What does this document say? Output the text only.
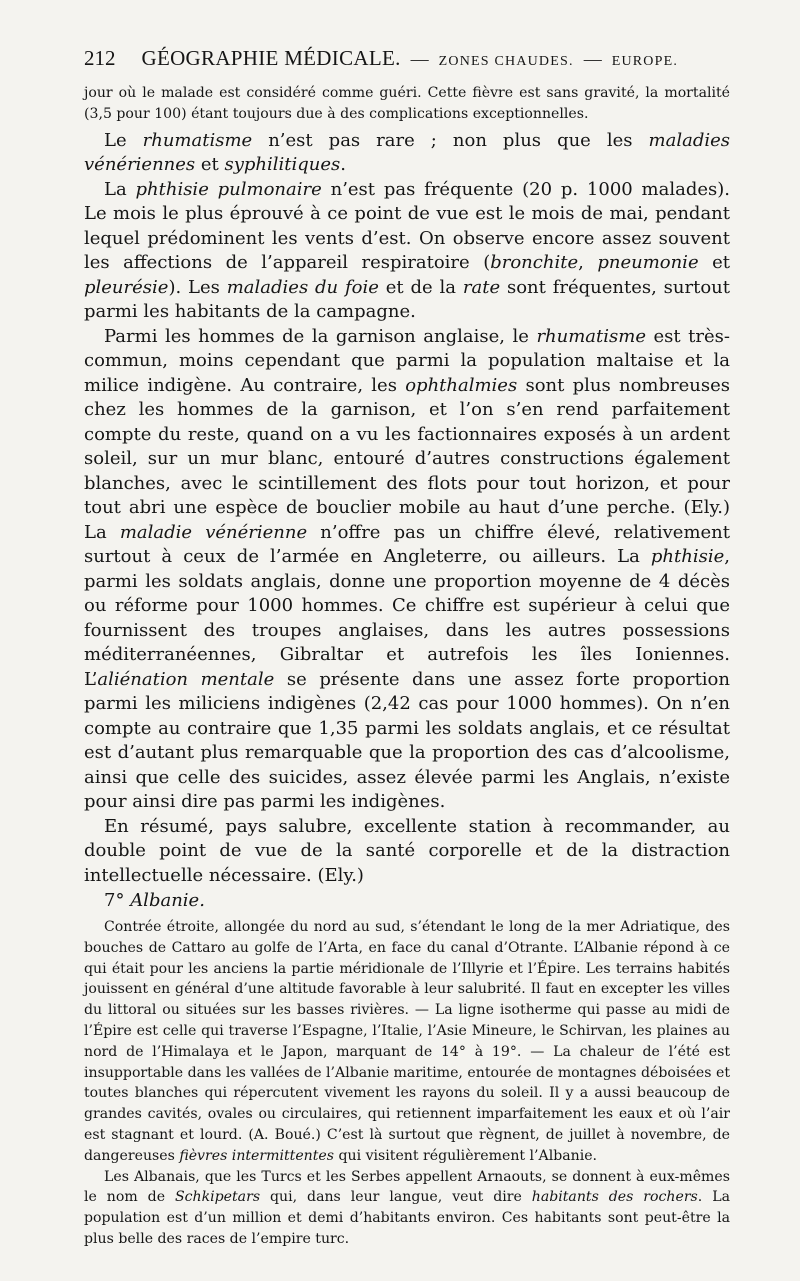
212 GÉOGRAPHIE MÉDICALE. — ZONES CHAUDES. — EUROPE.

jour où le malade est considéré comme guéri. Cette fièvre est sans gravité, la mortalité (3,5 pour 100) étant toujours due à des complications exceptionnelles.

Le rhumatisme n’est pas rare ; non plus que les maladies vénériennes et syphilitiques.

La phthisie pulmonaire n’est pas fréquente (20 p. 1000 malades). Le mois le plus éprouvé à ce point de vue est le mois de mai, pendant lequel prédominent les vents d’est. On observe encore assez souvent les affections de l’appareil respiratoire (bronchite, pneumonie et pleurésie). Les maladies du foie et de la rate sont fréquentes, surtout parmi les habitants de la campagne.

Parmi les hommes de la garnison anglaise, le rhumatisme est très-commun, moins cependant que parmi la population maltaise et la milice indigène. Au contraire, les ophthalmies sont plus nombreuses chez les hommes de la garnison, et l’on s’en rend parfaitement compte du reste, quand on a vu les factionnaires exposés à un ardent soleil, sur un mur blanc, entouré d’autres constructions également blanches, avec le scintillement des flots pour tout horizon, et pour tout abri une espèce de bouclier mobile au haut d’une perche. (Ely.) La maladie vénérienne n’offre pas un chiffre élevé, relativement surtout à ceux de l’armée en Angleterre, ou ailleurs. La phthisie, parmi les soldats anglais, donne une proportion moyenne de 4 décès ou réforme pour 1000 hommes. Ce chiffre est supérieur à celui que fournissent des troupes anglaises, dans les autres possessions méditerranéennes, Gibraltar et autrefois les îles Ioniennes. L’aliénation mentale se présente dans une assez forte proportion parmi les miliciens indigènes (2,42 cas pour 1000 hommes). On n’en compte au contraire que 1,35 parmi les soldats anglais, et ce résultat est d’autant plus remarquable que la proportion des cas d’alcoolisme, ainsi que celle des suicides, assez élevée parmi les Anglais, n’existe pour ainsi dire pas parmi les indigènes.

En résumé, pays salubre, excellente station à recommander, au double point de vue de la santé corporelle et de la distraction intellectuelle nécessaire. (Ely.)

7° Albanie.

Contrée étroite, allongée du nord au sud, s’étendant le long de la mer Adriatique, des bouches de Cattaro au golfe de l’Arta, en face du canal d’Otrante. L’Albanie répond à ce qui était pour les anciens la partie méridionale de l’Illyrie et l’Épire. Les terrains habités jouissent en général d’une altitude favorable à leur salubrité. Il faut en excepter les villes du littoral ou situées sur les basses rivières. — La ligne isotherme qui passe au midi de l’Épire est celle qui traverse l’Espagne, l’Italie, l’Asie Mineure, le Schirvan, les plaines au nord de l’Himalaya et le Japon, marquant de 14° à 19°. — La chaleur de l’été est insupportable dans les vallées de l’Albanie maritime, entourée de montagnes déboisées et toutes blanches qui répercutent vivement les rayons du soleil. Il y a aussi beaucoup de grandes cavités, ovales ou circulaires, qui retiennent imparfaitement les eaux et où l’air est stagnant et lourd. (A. Boué.) C’est là surtout que règnent, de juillet à novembre, de dangereuses fièvres intermittentes qui visitent régulièrement l’Albanie.

Les Albanais, que les Turcs et les Serbes appellent Arnaouts, se donnent à eux-mêmes le nom de Schkipetars qui, dans leur langue, veut dire habitants des rochers. La population est d’un million et demi d’habitants environ. Ces habitants sont peut-être la plus belle des races de l’empire turc.
